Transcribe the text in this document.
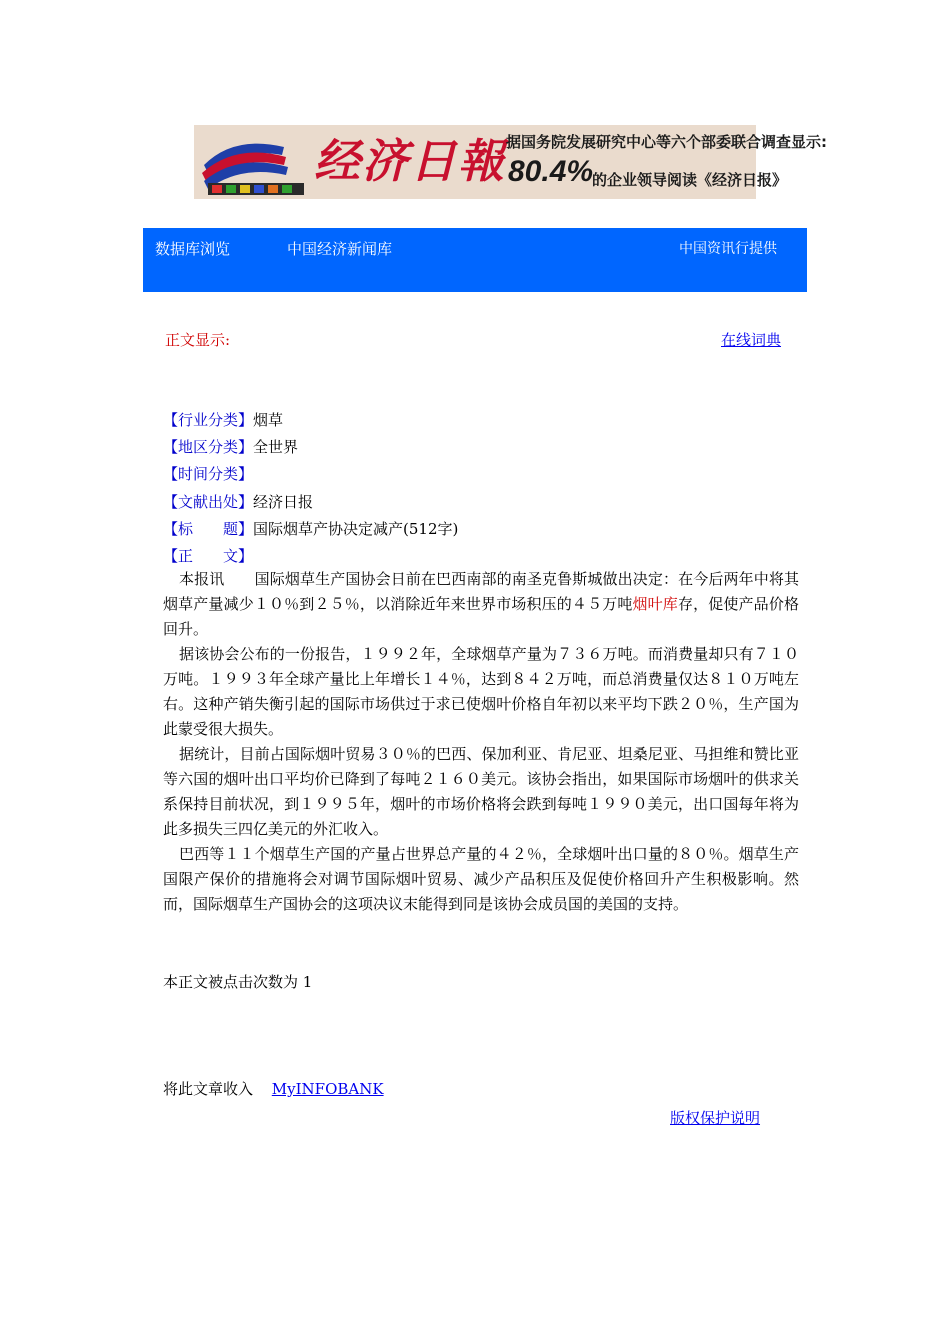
经济日報 据国务院发展研究中心等六个部委联合调查显示:
80.4%
的企业领导阅读《经济日报》
数据库浏览	中国经济新闻库	中国资讯行提供
正文显示:	在线词典
【行业分类】烟草
【地区分类】全世界
【时间分类】
【文献出处】经济日报
【标　　题】国际烟草产协决定减产(512字)
【正　　文】

本报讯　　国际烟草生产国协会日前在巴西南部的南圣克鲁斯城做出决定：在今后两年中将其烟草产量减少１０％到２５％，以消除近年来世界市场积压的４５万吨烟叶库存，促使产品价格回升。

据该协会公布的一份报告，１９９２年，全球烟草产量为７３６万吨。而消费量却只有７１０万吨。１９９３年全球产量比上年增长１４％，达到８４２万吨，而总消费量仅达８１０万吨左右。这种产销失衡引起的国际市场供过于求已使烟叶价格自年初以来平均下跌２０％，生产国为此蒙受很大损失。

据统计，目前占国际烟叶贸易３０％的巴西、保加利亚、肯尼亚、坦桑尼亚、马担维和赞比亚等六国的烟叶出口平均价已降到了每吨２１６０美元。该协会指出，如果国际市场烟叶的供求关系保持目前状况，到１９９５年，烟叶的市场价格将会跌到每吨１９９０美元，出口国每年将为此多损失三四亿美元的外汇收入。

巴西等１１个烟草生产国的产量占世界总产量的４２％，全球烟叶出口量的８０％。烟草生产国限产保价的措施将会对调节国际烟叶贸易、减少产品积压及促使价格回升产生积极影响。然而，国际烟草生产国协会的这项决议末能得到同是该协会成员国的美国的支持。

本正文被点击次数为 1
将此文章收入 MyINFOBANK
版权保护说明
